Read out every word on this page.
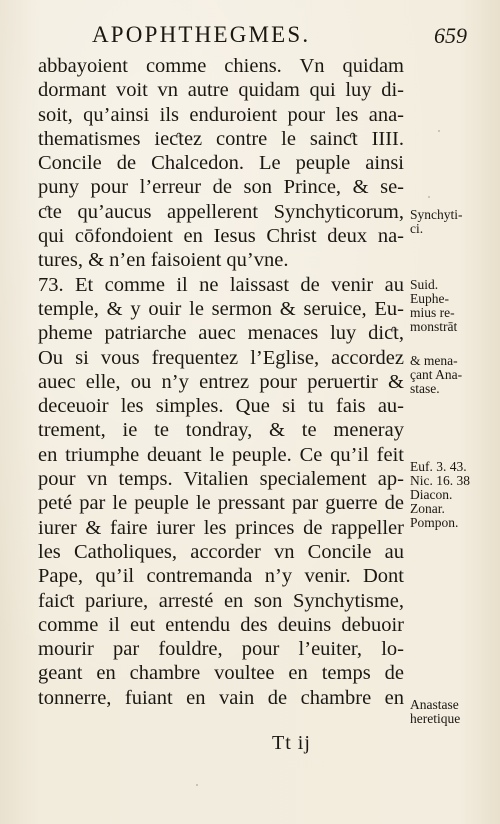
APOPHTHEGMES.	659
abbayoient comme chiens. Vn quidam
dormant voit vn autre quidam qui luy di-
soit, qu’ainsi ils enduroient pour les ana-
thematismes ieƈtez contre le sainƈt IIII.
Concile de Chalcedon. Le peuple ainsi
puny pour l’erreur de son Prince, & se-
ƈte qu’aucus appellerent Synchyticorum,
qui cōfondoient en Iesus Christ deux na-
tures, & n’en faisoient qu’vne.
73. Et comme il ne laissast de venir au
temple, & y ouir le sermon & seruice, Eu-
pheme patriarche auec menaces luy diƈt,
Ou si vous frequentez l’Eglise, accordez
auec elle, ou n’y entrez pour peruertir &
deceuoir les simples. Que si tu fais au-
trement, ie te tondray, & te meneray
en triumphe deuant le peuple. Ce qu’il feit
pour vn temps. Vitalien specialement ap-
peté par le peuple le pressant par guerre de
iurer & faire iurer les princes de rappeller
les Catholiques, accorder vn Concile au
Pape, qu’il contremanda n’y venir. Dont
faiƈt pariure, arresté en son Synchytisme,
comme il eut entendu des deuins debuoir
mourir par fouldre, pour l’euiter, lo-
geant en chambre voultee en temps de
tonnerre, fuiant en vain de chambre en
Synchyti-
ci.
Suid.
Euphe-
mius re-
monstrāt
& mena-
çant Ana-
stase.
Euf. 3. 43.
Nic. 16. 38
Diacon.
Zonar.
Pompon.
Anastase
heretique
Tt ij
